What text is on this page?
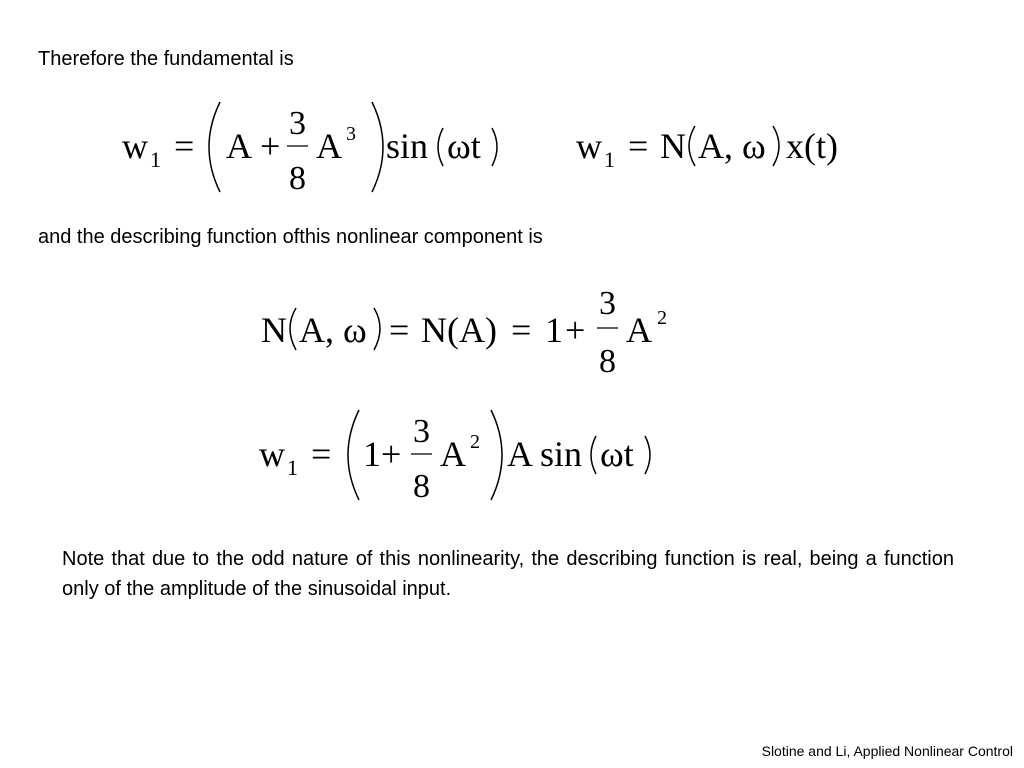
Therefore the fundamental is
w 1 = A +
3
8
A 3 sin ωt	w 1 = N A, ω x(t)
and the describing function ofthis nonlinear component is
N A, ω = N(A) = 1 +
3
8
A 2
w 1 = 1 +
3
8
A 2 A sin ωt
Note that due to the odd nature of this nonlinearity, the describing function is real, being a function only of the amplitude of the sinusoidal input.
Slotine and Li, Applied Nonlinear Control
